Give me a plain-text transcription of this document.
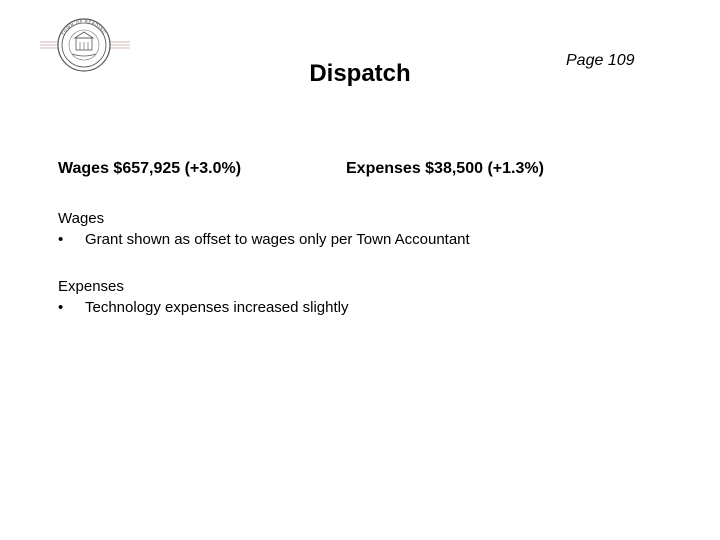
TOWN OF READING
Page 109
Dispatch
Wages $657,925 (+3.0%)	Expenses $38,500 (+1.3%)
Wages
• Grant shown as offset to wages only per Town Accountant
Expenses
• Technology expenses increased slightly
